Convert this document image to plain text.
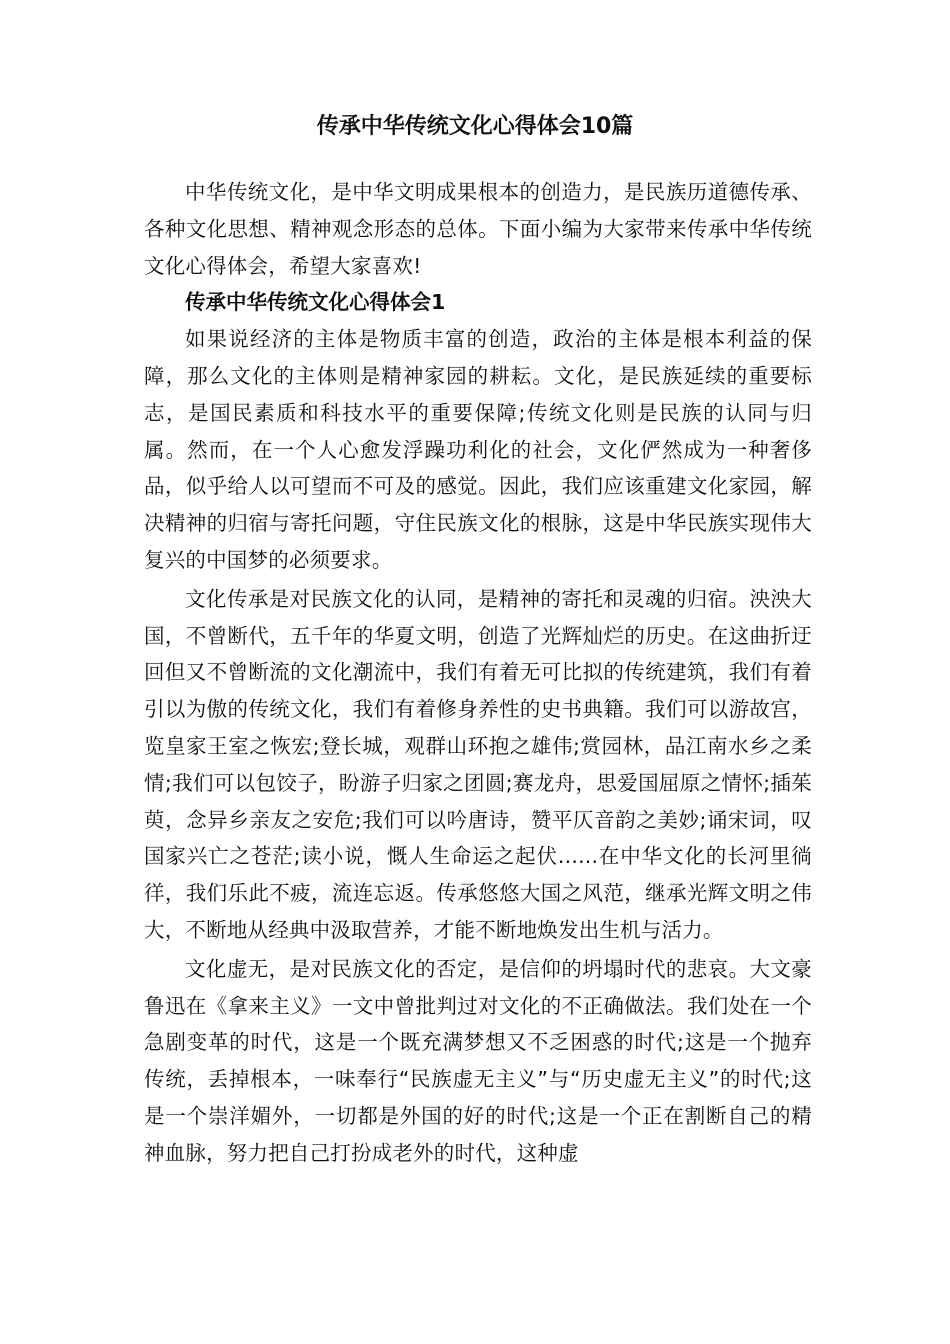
传承中华传统文化心得体会10篇

中华传统文化，是中华文明成果根本的创造力，是民族历道德传承、各种文化思想、精神观念形态的总体。下面小编为大家带来传承中华传统文化心得体会，希望大家喜欢!

传承中华传统文化心得体会1

如果说经济的主体是物质丰富的创造，政治的主体是根本利益的保障，那么文化的主体则是精神家园的耕耘。文化，是民族延续的重要标志，是国民素质和科技水平的重要保障;传统文化则是民族的认同与归属。然而，在一个人心愈发浮躁功利化的社会，文化俨然成为一种奢侈品，似乎给人以可望而不可及的感觉。因此，我们应该重建文化家园，解决精神的归宿与寄托问题，守住民族文化的根脉，这是中华民族实现伟大复兴的中国梦的必须要求。

文化传承是对民族文化的认同，是精神的寄托和灵魂的归宿。泱泱大国，不曾断代，五千年的华夏文明，创造了光辉灿烂的历史。在这曲折迂回但又不曾断流的文化潮流中，我们有着无可比拟的传统建筑，我们有着引以为傲的传统文化，我们有着修身养性的史书典籍。我们可以游故宫，览皇家王室之恢宏;登长城，观群山环抱之雄伟;赏园林，品江南水乡之柔情;我们可以包饺子，盼游子归家之团圆;赛龙舟，思爱国屈原之情怀;插茱萸，念异乡亲友之安危;我们可以吟唐诗，赞平仄音韵之美妙;诵宋词，叹国家兴亡之苍茫;读小说，慨人生命运之起伏......在中华文化的长河里徜徉，我们乐此不疲，流连忘返。传承悠悠大国之风范，继承光辉文明之伟大，不断地从经典中汲取营养，才能不断地焕发出生机与活力。

文化虚无，是对民族文化的否定，是信仰的坍塌时代的悲哀。大文豪鲁迅在《拿来主义》一文中曾批判过对文化的不正确做法。我们处在一个急剧变革的时代，这是一个既充满梦想又不乏困惑的时代;这是一个抛弃传统，丢掉根本，一味奉行“民族虚无主义”与“历史虚无主义”的时代;这是一个崇洋媚外，一切都是外国的好的时代;这是一个正在割断自己的精神血脉，努力把自己打扮成老外的时代，这种虚
